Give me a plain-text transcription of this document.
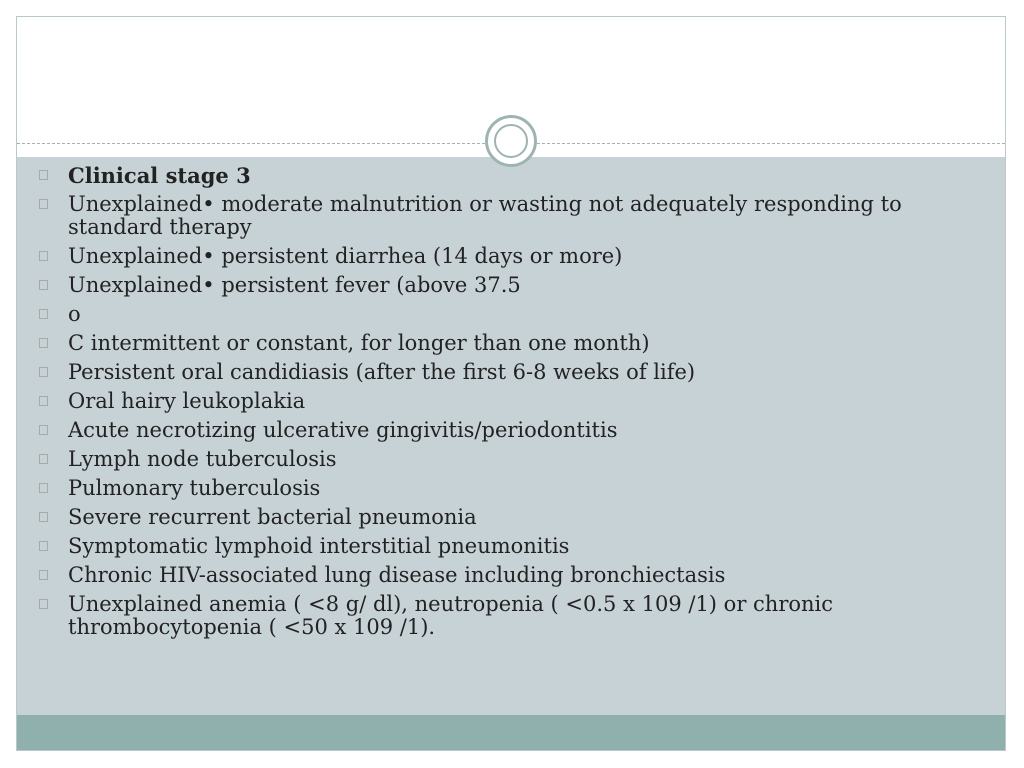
Clinical stage 3
Unexplained• moderate malnutrition or wasting not adequately responding to standard therapy
Unexplained• persistent diarrhea (14 days or more)
Unexplained• persistent fever (above 37.5
o
C intermittent or constant, for longer than one month)
Persistent oral candidiasis (after the first 6-8 weeks of life)
Oral hairy leukoplakia
Acute necrotizing ulcerative gingivitis/periodontitis
Lymph node tuberculosis
Pulmonary tuberculosis
Severe recurrent bacterial pneumonia
Symptomatic lymphoid interstitial pneumonitis
Chronic HIV-associated lung disease including bronchiectasis
Unexplained anemia ( <8 g/ dl), neutropenia ( <0.5 x 109 /1) or chronic thrombocytopenia ( <50 x 109 /1).
